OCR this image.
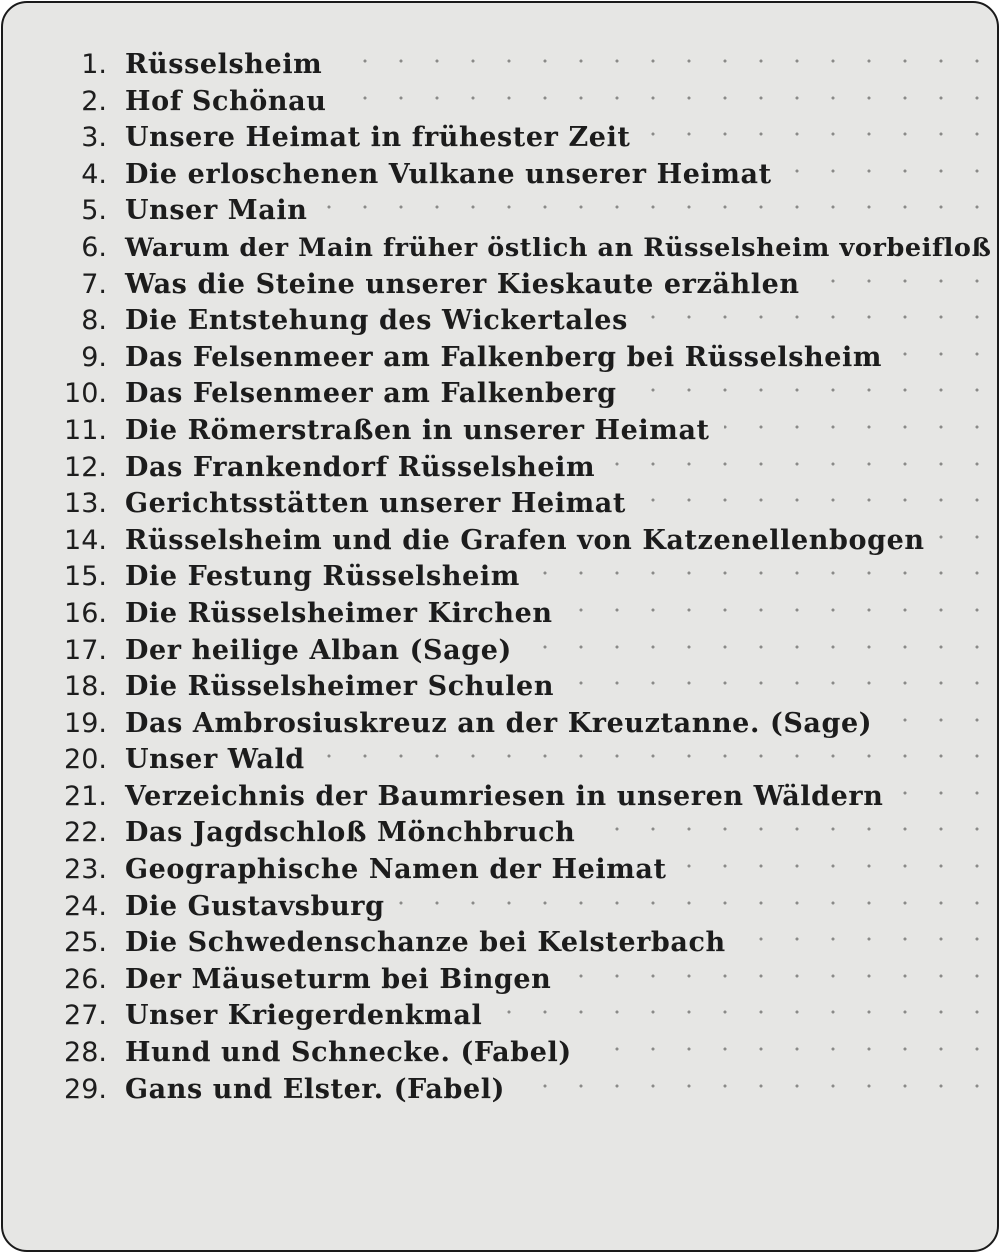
1. Rüsselsheim
2. Hof Schönau
3. Unsere Heimat in frühester Zeit
4. Die erloschenen Vulkane unserer Heimat
5. Unser Main
6. Warum der Main früher östlich an Rüsselsheim vorbeifloß
7. Was die Steine unserer Kieskaute erzählen
8. Die Entstehung des Wickertales
9. Das Felsenmeer am Falkenberg bei Rüsselsheim
10. Das Felsenmeer am Falkenberg
11. Die Römerstraßen in unserer Heimat
12. Das Frankendorf Rüsselsheim
13. Gerichtsstätten unserer Heimat
14. Rüsselsheim und die Grafen von Katzenellenbogen
15. Die Festung Rüsselsheim
16. Die Rüsselsheimer Kirchen
17. Der heilige Alban (Sage)
18. Die Rüsselsheimer Schulen
19. Das Ambrosiuskreuz an der Kreuztanne. (Sage)
20. Unser Wald
21. Verzeichnis der Baumriesen in unseren Wäldern
22. Das Jagdschloß Mönchbruch
23. Geographische Namen der Heimat
24. Die Gustavsburg
25. Die Schwedenschanze bei Kelsterbach
26. Der Mäuseturm bei Bingen
27. Unser Kriegerdenkmal
28. Hund und Schnecke. (Fabel)
29. Gans und Elster. (Fabel)
